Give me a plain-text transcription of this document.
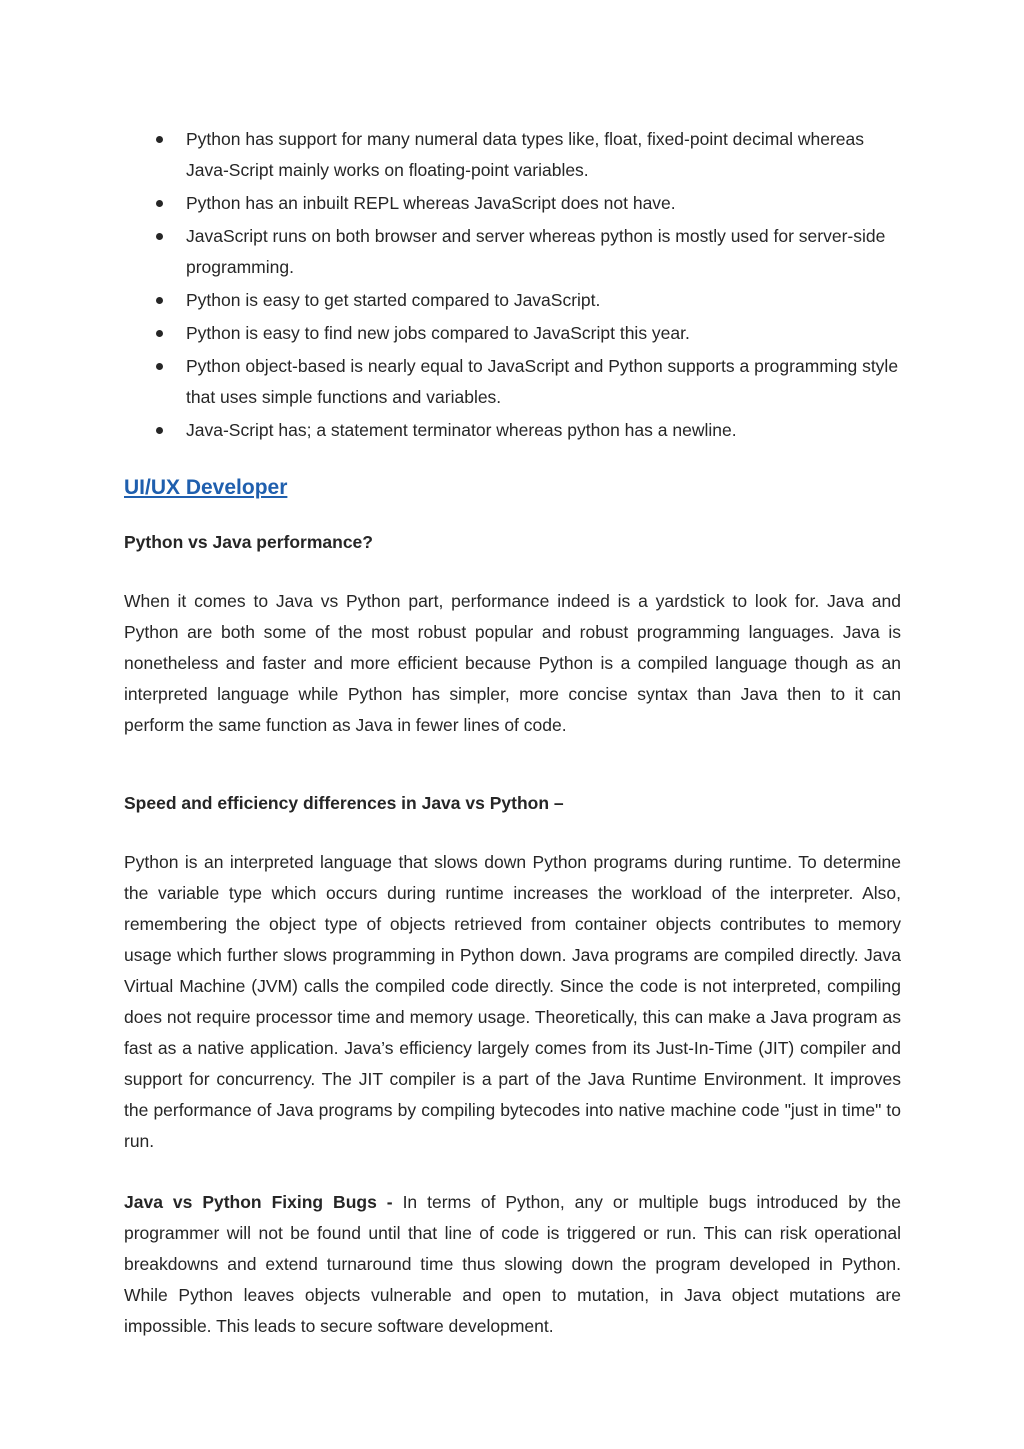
Python has support for many numeral data types like, float, fixed-point decimal whereas Java-Script mainly works on floating-point variables.
Python has an inbuilt REPL whereas JavaScript does not have.
JavaScript runs on both browser and server whereas python is mostly used for server-side programming.
Python is easy to get started compared to JavaScript.
Python is easy to find new jobs compared to JavaScript this year.
Python object-based is nearly equal to JavaScript and Python supports a programming style that uses simple functions and variables.
Java-Script has; a statement terminator whereas python has a newline.
UI/UX Developer

Python vs Java performance?

When it comes to Java vs Python part, performance indeed is a yardstick to look for. Java and Python are both some of the most robust popular and robust programming languages. Java is nonetheless and faster and more efficient because Python is a compiled language though as an interpreted language while Python has simpler, more concise syntax than Java then to it can perform the same function as Java in fewer lines of code.

Speed and efficiency differences in Java vs Python –

Python is an interpreted language that slows down Python programs during runtime. To determine the variable type which occurs during runtime increases the workload of the interpreter. Also, remembering the object type of objects retrieved from container objects contributes to memory usage which further slows programming in Python down. Java programs are compiled directly. Java Virtual Machine (JVM) calls the compiled code directly. Since the code is not interpreted, compiling does not require processor time and memory usage. Theoretically, this can make a Java program as fast as a native application. Java’s efficiency largely comes from its Just-In-Time (JIT) compiler and support for concurrency. The JIT compiler is a part of the Java Runtime Environment. It improves the performance of Java programs by compiling bytecodes into native machine code "just in time" to run.

Java vs Python Fixing Bugs - In terms of Python, any or multiple bugs introduced by the programmer will not be found until that line of code is triggered or run. This can risk operational breakdowns and extend turnaround time thus slowing down the program developed in Python. While Python leaves objects vulnerable and open to mutation, in Java object mutations are impossible. This leads to secure software development.
